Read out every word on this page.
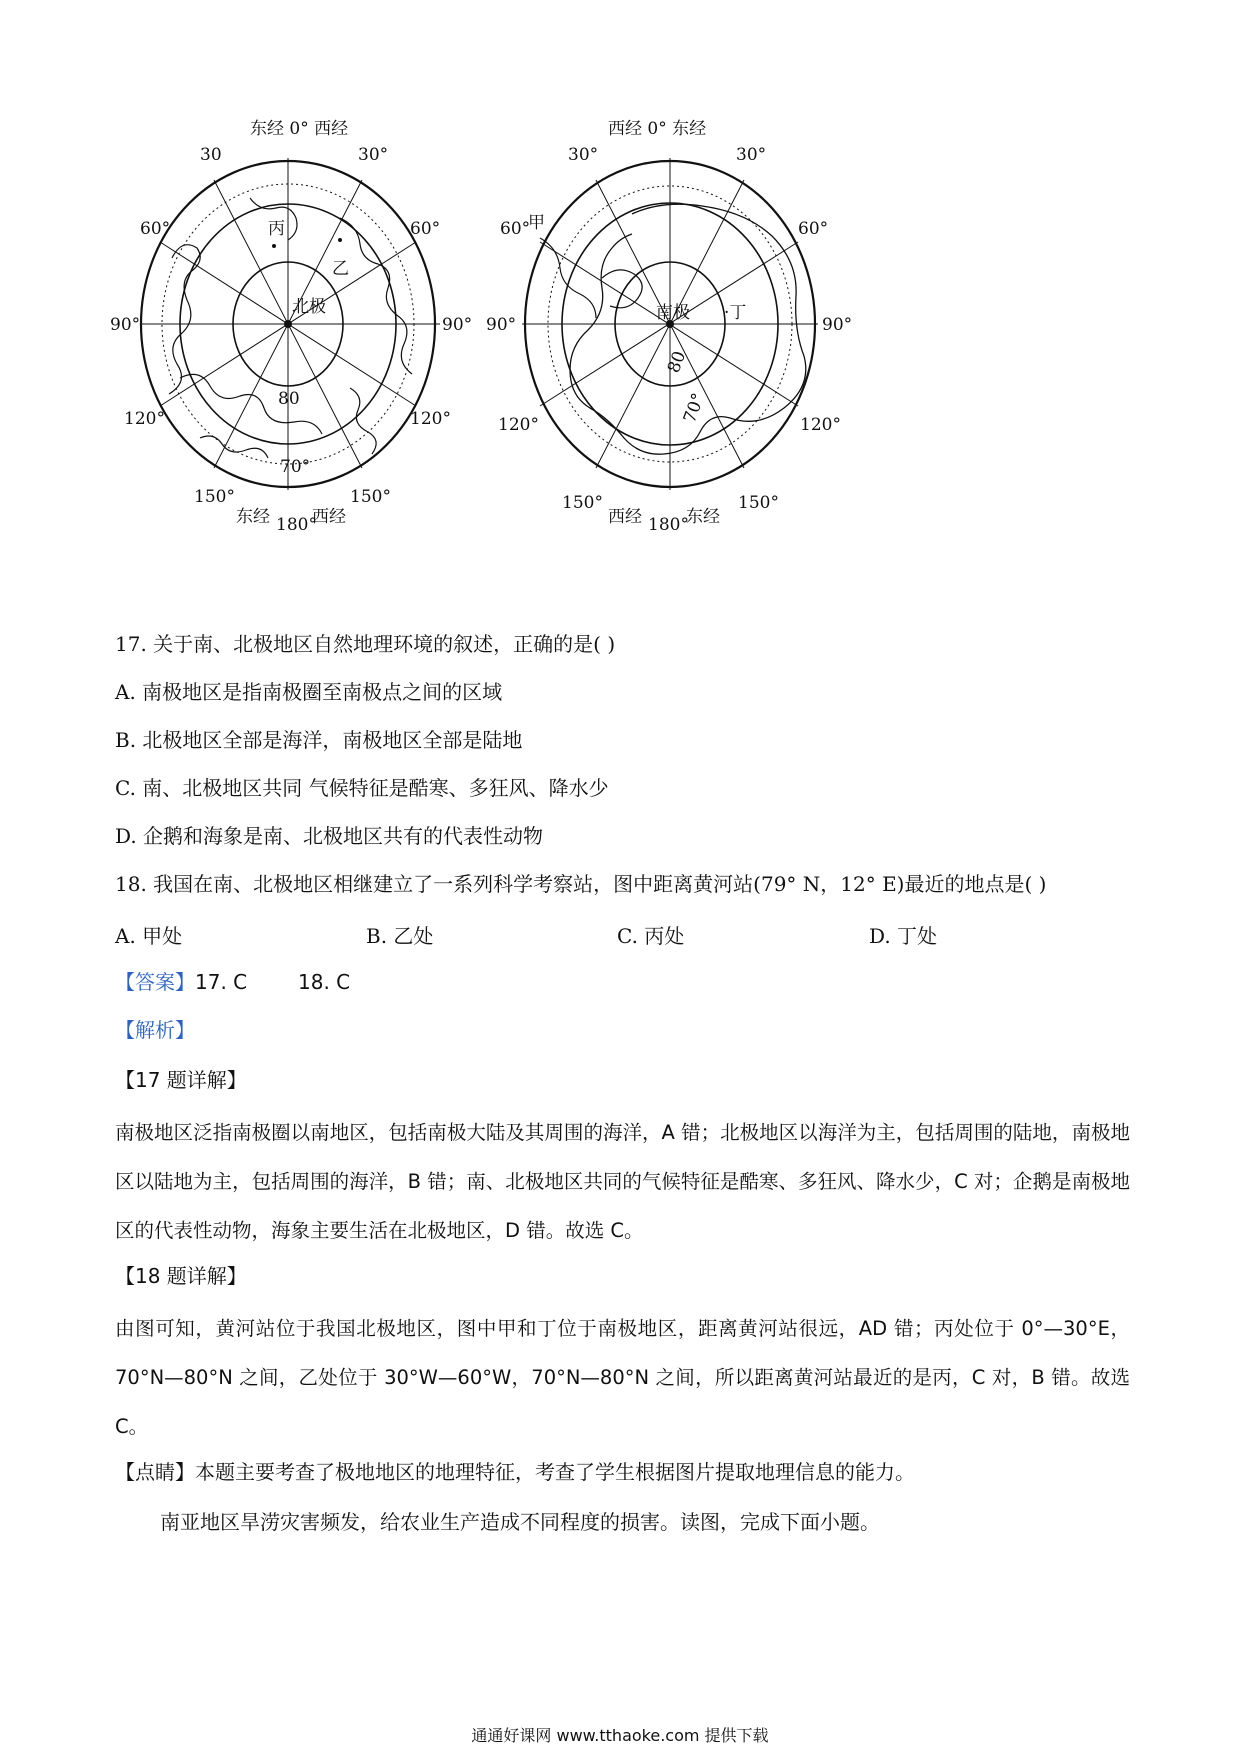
东经 0° 西经
30	30°
60°	60°
90°	90°
120°	120°
150°	150°
东经 180°
西经
北极
80
70°
丙
乙
西经 0° 东经
30°	30°
60°	60°
90°	90°
120°	120°
150°	150°
西经 180°
东经
南极
80
70°
甲
·丁
17. 关于南、北极地区自然地理环境的叙述，正确的是( )
A. 南极地区是指南极圈至南极点之间的区域
B. 北极地区全部是海洋，南极地区全部是陆地
C. 南、北极地区共同 气候特征是酷寒、多狂风、降水少
D. 企鹅和海象是南、北极地区共有的代表性动物
18. 我国在南、北极地区相继建立了一系列科学考察站，图中距离黄河站(79° N，12° E)最近的地点是( )
A. 甲处	B. 乙处	C. 丙处	D. 丁处
【答案】17. C        18. C
【解析】
【17 题详解】
南极地区泛指南极圈以南地区，包括南极大陆及其周围的海洋，A 错；北极地区以海洋为主，包括周围的陆地，南极地区以陆地为主，包括周围的海洋，B 错；南、北极地区共同的气候特征是酷寒、多狂风、降水少，C 对；企鹅是南极地区的代表性动物，海象主要生活在北极地区，D 错。故选 C。
【18 题详解】
由图可知，黄河站位于我国北极地区，图中甲和丁位于南极地区，距离黄河站很远，AD 错；丙处位于 0°—30°E，70°N—80°N 之间，乙处位于 30°W—60°W，70°N—80°N 之间，所以距离黄河站最近的是丙，C 对，B 错。故选 C。
【点睛】本题主要考查了极地地区的地理特征，考查了学生根据图片提取地理信息的能力。
南亚地区旱涝灾害频发，给农业生产造成不同程度的损害。读图，完成下面小题。
通通好课网 www.tthaoke.com 提供下载
